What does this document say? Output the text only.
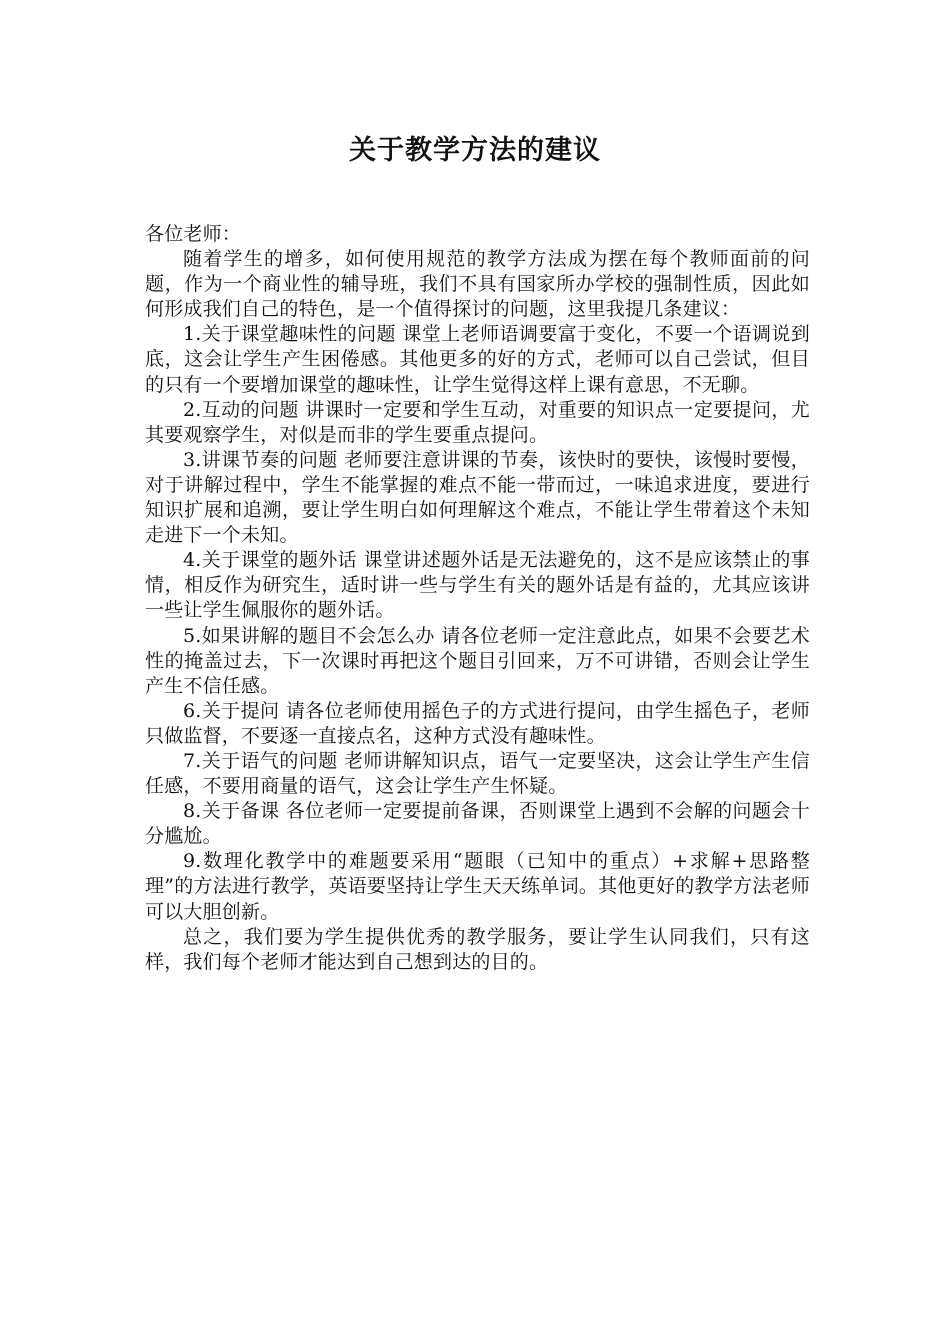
关于教学方法的建议

各位老师：

随着学生的增多，如何使用规范的教学方法成为摆在每个教师面前的问题，作为一个商业性的辅导班，我们不具有国家所办学校的强制性质，因此如何形成我们自己的特色，是一个值得探讨的问题，这里我提几条建议：

1.关于课堂趣味性的问题 课堂上老师语调要富于变化，不要一个语调说到底，这会让学生产生困倦感。其他更多的好的方式，老师可以自己尝试，但目的只有一个要增加课堂的趣味性，让学生觉得这样上课有意思，不无聊。

2.互动的问题 讲课时一定要和学生互动，对重要的知识点一定要提问，尤其要观察学生，对似是而非的学生要重点提问。

3.讲课节奏的问题 老师要注意讲课的节奏，该快时的要快，该慢时要慢，对于讲解过程中，学生不能掌握的难点不能一带而过，一味追求进度，要进行知识扩展和追溯，要让学生明白如何理解这个难点，不能让学生带着这个未知走进下一个未知。

4.关于课堂的题外话 课堂讲述题外话是无法避免的，这不是应该禁止的事情，相反作为研究生，适时讲一些与学生有关的题外话是有益的，尤其应该讲一些让学生佩服你的题外话。

5.如果讲解的题目不会怎么办 请各位老师一定注意此点，如果不会要艺术性的掩盖过去，下一次课时再把这个题目引回来，万不可讲错，否则会让学生产生不信任感。

6.关于提问 请各位老师使用摇色子的方式进行提问，由学生摇色子，老师只做监督，不要逐一直接点名，这种方式没有趣味性。

7.关于语气的问题 老师讲解知识点，语气一定要坚决，这会让学生产生信任感，不要用商量的语气，这会让学生产生怀疑。

8.关于备课 各位老师一定要提前备课，否则课堂上遇到不会解的问题会十分尴尬。

9.数理化教学中的难题要采用“题眼（已知中的重点）+求解+思路整理”的方法进行教学，英语要坚持让学生天天练单词。其他更好的教学方法老师可以大胆创新。

总之，我们要为学生提供优秀的教学服务，要让学生认同我们，只有这样，我们每个老师才能达到自己想到达的目的。
